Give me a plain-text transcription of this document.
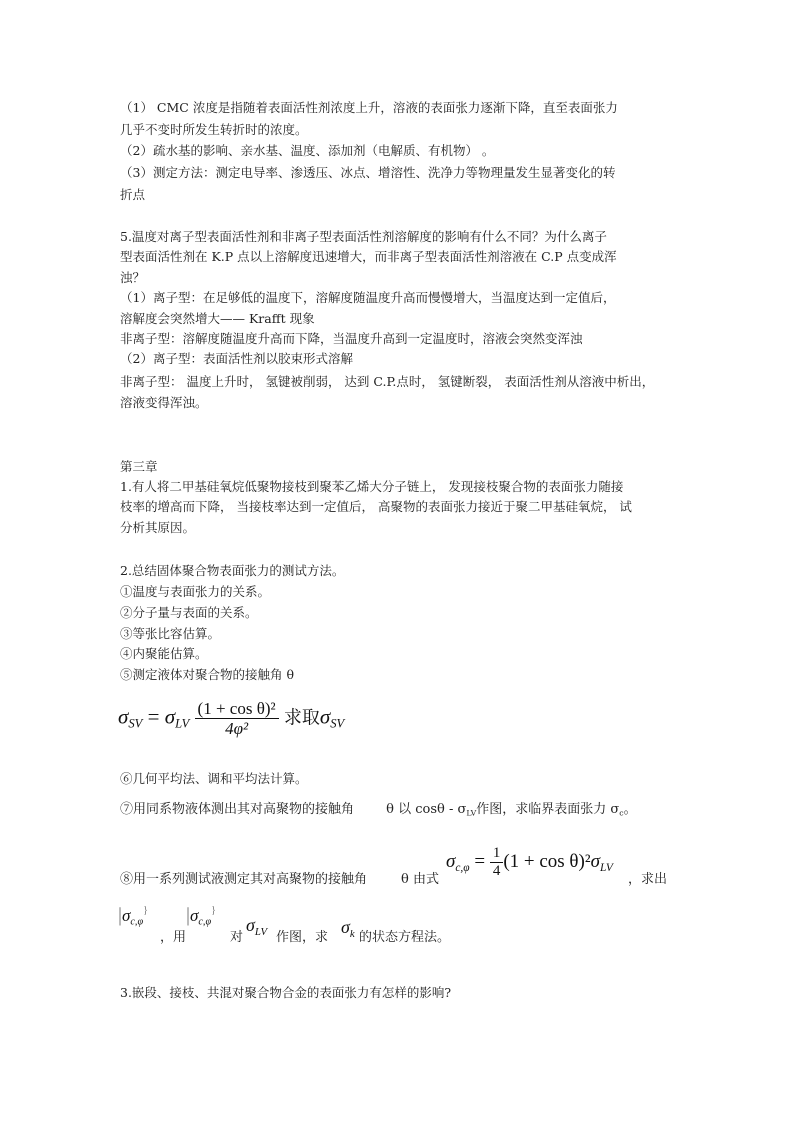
（1） CMC 浓度是指随着表面活性剂浓度上升，溶液的表面张力逐渐下降，直至表面张力
几乎不变时所发生转折时的浓度。
（2）疏水基的影响、亲水基、温度、添加剂（电解质、有机物） 。
（3）测定方法：测定电导率、渗透压、冰点、增溶性、洗净力等物理量发生显著变化的转
折点
5.温度对离子型表面活性剂和非离子型表面活性剂溶解度的影响有什么不同？为什么离子
型表面活性剂在 K.P 点以上溶解度迅速增大，而非离子型表面活性剂溶液在 C.P 点变成浑
浊？
（1）离子型：在足够低的温度下，溶解度随温度升高而慢慢增大，当温度达到一定值后，
溶解度会突然增大—— Krafft 现象
非离子型：溶解度随温度升高而下降，当温度升高到一定温度时，溶液会突然变浑浊
（2）离子型：表面活性剂以胶束形式溶解
非离子型： 温度上升时， 氢键被削弱， 达到 C.P.点时， 氢键断裂， 表面活性剂从溶液中析出，
溶液变得浑浊。
第三章
1.有人将二甲基硅氧烷低聚物接枝到聚苯乙烯大分子链上， 发现接枝聚合物的表面张力随接
枝率的增高而下降， 当接枝率达到一定值后， 高聚物的表面张力接近于聚二甲基硅氧烷， 试
分析其原因。
2.总结固体聚合物表面张力的测试方法。
①温度与表面张力的关系。
②分子量与表面的关系。
③等张比容估算。
④内聚能估算。
⑤测定液体对聚合物的接触角 θ
$\sigma_{SV} = \sigma_{LV} \frac{\text{(1 + cos θ)²}}{\text{4φ²}}$ 求取$\sigma_{SV}$
⑥几何平均法、调和平均法计算。
⑦用同系物液体测出其对高聚物的接触角 θ 以 cosθ - $\sigma_{LV}$作图，求临界表面张力 $\sigma_c$。
⑧用一系列测试液测定其对高聚物的接触角	θ 由式
$\sigma_{c,\varphi} = \frac{1}{4} (1 + \cos \theta)^2\sigma_{LV}$
，求出
$|\sigma_{c,\varphi}^{\}}$
，用
$|\sigma_{c,\varphi}^{\}}$
对
$\sigma_{LV}$ 作图，求
$\sigma_k$ 的状态方程法。
3.嵌段、接枝、共混对聚合物合金的表面张力有怎样的影响?
